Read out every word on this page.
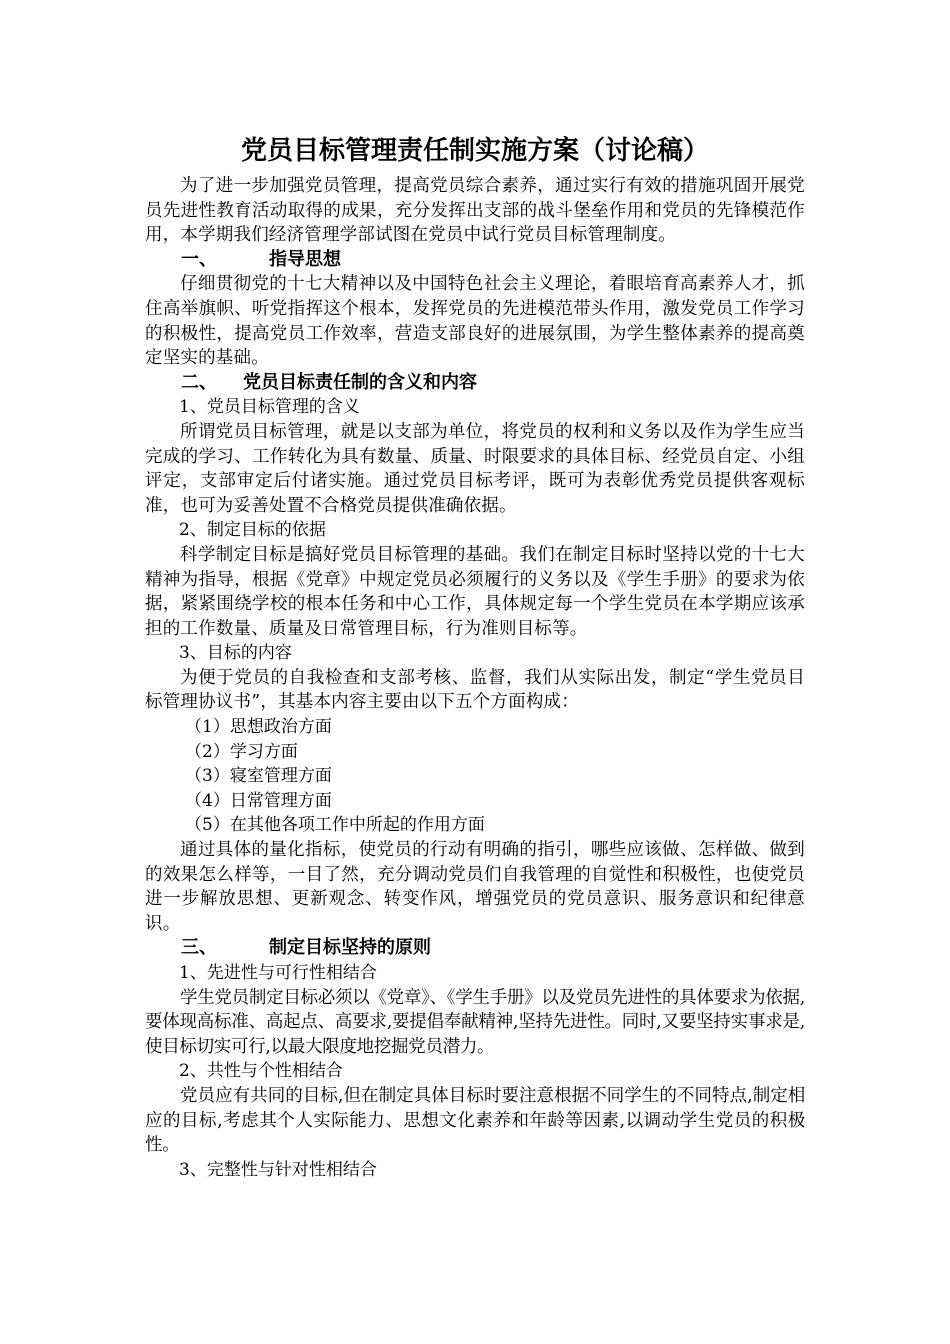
党员目标管理责任制实施方案（讨论稿）

为了进一步加强党员管理，提高党员综合素养，通过实行有效的措施巩固开展党员先进性教育活动取得的成果，充分发挥出支部的战斗堡垒作用和党员的先锋模范作用，本学期我们经济管理学部试图在党员中试行党员目标管理制度。

一、	指导思想

仔细贯彻党的十七大精神以及中国特色社会主义理论，着眼培育高素养人才，抓住高举旗帜、听党指挥这个根本，发挥党员的先进模范带头作用，激发党员工作学习的积极性，提高党员工作效率，营造支部良好的进展氛围，为学生整体素养的提高奠定坚实的基础。

二、 党员目标责任制的含义和内容

1、党员目标管理的含义

所谓党员目标管理，就是以支部为单位，将党员的权利和义务以及作为学生应当完成的学习、工作转化为具有数量、质量、时限要求的具体目标、经党员自定、小组评定，支部审定后付诸实施。通过党员目标考评，既可为表彰优秀党员提供客观标准，也可为妥善处置不合格党员提供准确依据。

2、制定目标的依据

科学制定目标是搞好党员目标管理的基础。我们在制定目标时坚持以党的十七大精神为指导，根据《党章》中规定党员必须履行的义务以及《学生手册》的要求为依据，紧紧围绕学校的根本任务和中心工作，具体规定每一个学生党员在本学期应该承担的工作数量、质量及日常管理目标，行为准则目标等。

3、目标的内容

为便于党员的自我检查和支部考核、监督，我们从实际出发，制定“学生党员目标管理协议书”，其基本内容主要由以下五个方面构成：

（1）思想政治方面

（2）学习方面

（3）寝室管理方面

（4）日常管理方面

（5）在其他各项工作中所起的作用方面

通过具体的量化指标，使党员的行动有明确的指引，哪些应该做、怎样做、做到的效果怎么样等，一目了然，充分调动党员们自我管理的自觉性和积极性，也使党员进一步解放思想、更新观念、转变作风，增强党员的党员意识、服务意识和纪律意识。

三、	制定目标坚持的原则

1、先进性与可行性相结合

学生党员制定目标必须以《党章》、《学生手册》以及党员先进性的具体要求为依据,要体现高标准、高起点、高要求,要提倡奉献精神,坚持先进性。同时,又要坚持实事求是,使目标切实可行,以最大限度地挖掘党员潜力。

2、共性与个性相结合

党员应有共同的目标,但在制定具体目标时要注意根据不同学生的不同特点,制定相应的目标,考虑其个人实际能力、思想文化素养和年龄等因素,以调动学生党员的积极性。

3、完整性与针对性相结合
